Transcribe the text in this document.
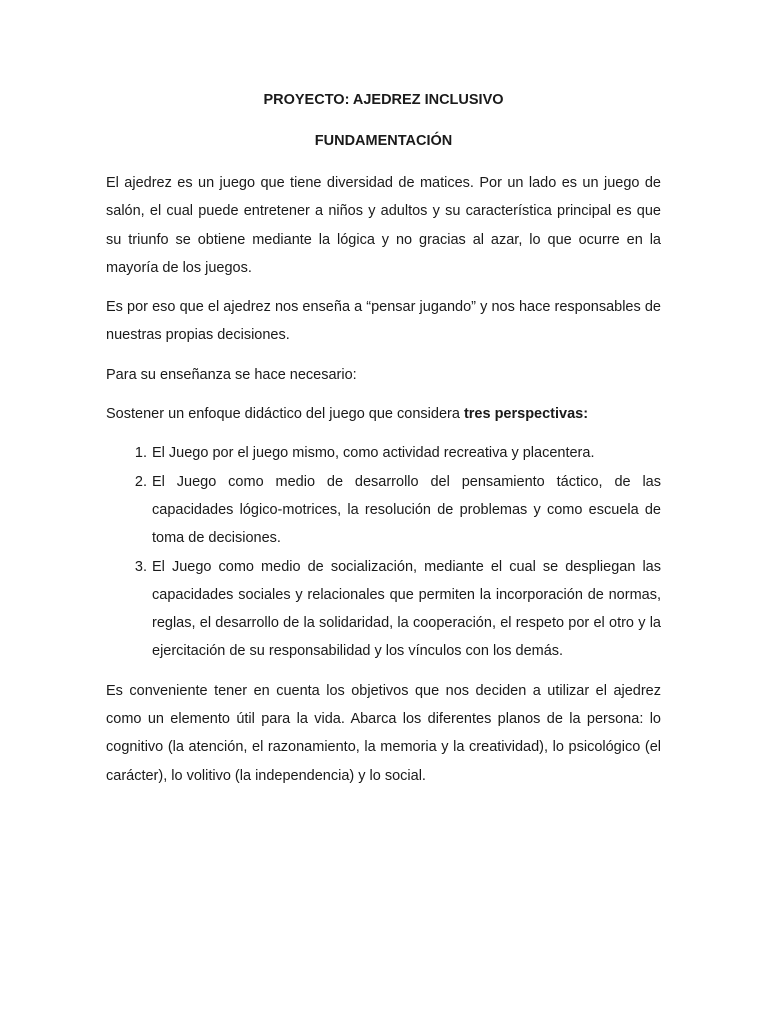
PROYECTO: AJEDREZ INCLUSIVO
FUNDAMENTACIÓN

El ajedrez es un juego que tiene diversidad de matices. Por un lado es un juego de salón, el cual puede entretener a niños y adultos y su característica principal es que su triunfo se obtiene mediante la lógica y no gracias al azar, lo que ocurre en la mayoría de los juegos.

Es por eso que el ajedrez nos enseña a “pensar jugando” y nos hace responsables de nuestras propias decisiones.

Para su enseñanza se hace necesario:

Sostener un enfoque didáctico del juego que considera tres perspectivas:

1. El Juego por el juego mismo, como actividad recreativa y placentera.
2. El Juego como medio de desarrollo del pensamiento táctico, de las capacidades lógico-motrices, la resolución de problemas y como escuela de toma de decisiones.
3. El Juego como medio de socialización, mediante el cual se despliegan las capacidades sociales y relacionales que permiten la incorporación de normas, reglas, el desarrollo de la solidaridad, la cooperación, el respeto por el otro y la ejercitación de su responsabilidad y los vínculos con los demás.

Es conveniente tener en cuenta los objetivos que nos deciden a utilizar el ajedrez como un elemento útil para la vida. Abarca los diferentes planos de la persona: lo cognitivo (la atención, el razonamiento, la memoria y la creatividad), lo psicológico (el carácter), lo volitivo (la independencia) y lo social.
